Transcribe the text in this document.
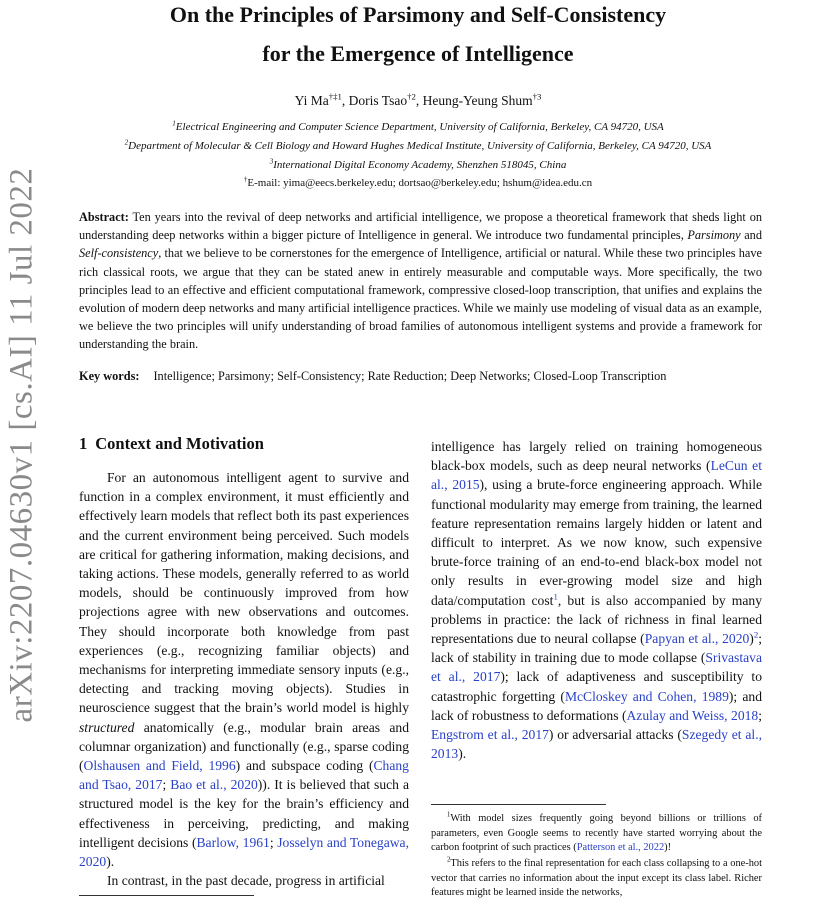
arXiv:2207.04630v1 [cs.AI] 11 Jul 2022
On the Principles of Parsimony and Self-Consistency
for the Emergence of Intelligence
Yi Ma$^{\dagger\ddagger 1}$, Doris Tsao$^{\dagger 2}$, Heung-Yeung Shum$^{\dagger 3}$
$^1$Electrical Engineering and Computer Science Department, University of California, Berkeley, CA 94720, USA
$^2$Department of Molecular & Cell Biology and Howard Hughes Medical Institute, University of California, Berkeley, CA 94720, USA
$^3$International Digital Economy Academy, Shenzhen 518045, China
†E-mail: yima@eecs.berkeley.edu; dortsao@berkeley.edu; hshum@idea.edu.cn
Abstract: Ten years into the revival of deep networks and artificial intelligence, we propose a theoretical framework that sheds light on understanding deep networks within a bigger picture of Intelligence in general. We introduce two fundamental principles, Parsimony and Self-consistency, that we believe to be cornerstones for the emergence of Intelligence, artificial or natural. While these two principles have rich classical roots, we argue that they can be stated anew in entirely measurable and computable ways. More specifically, the two principles lead to an effective and efficient computational framework, compressive closed-loop transcription, that unifies and explains the evolution of modern deep networks and many artificial intelligence practices. While we mainly use modeling of visual data as an example, we believe the two principles will unify understanding of broad families of autonomous intelligent systems and provide a framework for understanding the brain.
Key words: Intelligence; Parsimony; Self-Consistency; Rate Reduction; Deep Networks; Closed-Loop Transcription
1 Context and Motivation

For an autonomous intelligent agent to survive and function in a complex environment, it must efficiently and effectively learn models that reflect both its past experiences and the current environment being perceived. Such models are critical for gathering information, making decisions, and taking actions. These models, generally referred to as world models, should be continuously improved from how projections agree with new observations and outcomes. They should incorporate both knowledge from past experiences (e.g., recognizing familiar objects) and mechanisms for interpreting immediate sensory inputs (e.g., detecting and tracking moving objects). Studies in neuroscience suggest that the brain’s world model is highly structured anatomically (e.g., modular brain areas and columnar organization) and functionally (e.g., sparse coding (Olshausen and Field, 1996) and subspace coding (Chang and Tsao, 2017; Bao et al., 2020)). It is believed that such a structured model is the key for the brain’s efficiency and effectiveness in perceiving, predicting, and making intelligent decisions (Barlow, 1961; Josselyn and Tonegawa, 2020).

In contrast, in the past decade, progress in artificial

intelligence has largely relied on training homogeneous black-box models, such as deep neural networks (LeCun et al., 2015), using a brute-force engineering approach. While functional modularity may emerge from training, the learned feature representation remains largely hidden or latent and difficult to interpret. As we now know, such expensive brute-force training of an end-to-end black-box model not only results in ever-growing model size and high data/computation cost$^1$, but is also accompanied by many problems in practice: the lack of richness in final learned representations due to neural collapse (Papyan et al., 2020)$^2$; lack of stability in training due to mode collapse (Srivastava et al., 2017); lack of adaptiveness and susceptibility to catastrophic forgetting (McCloskey and Cohen, 1989); and lack of robustness to deformations (Azulay and Weiss, 2018; Engstrom et al., 2017) or adversarial attacks (Szegedy et al., 2013).

$^1$With model sizes frequently going beyond billions or trillions of parameters, even Google seems to recently have started worrying about the carbon footprint of such practices (Patterson et al., 2022)!
$^2$This refers to the final representation for each class collapsing to a one-hot vector that carries no information about the input except its class label. Richer features might be learned inside the networks,
